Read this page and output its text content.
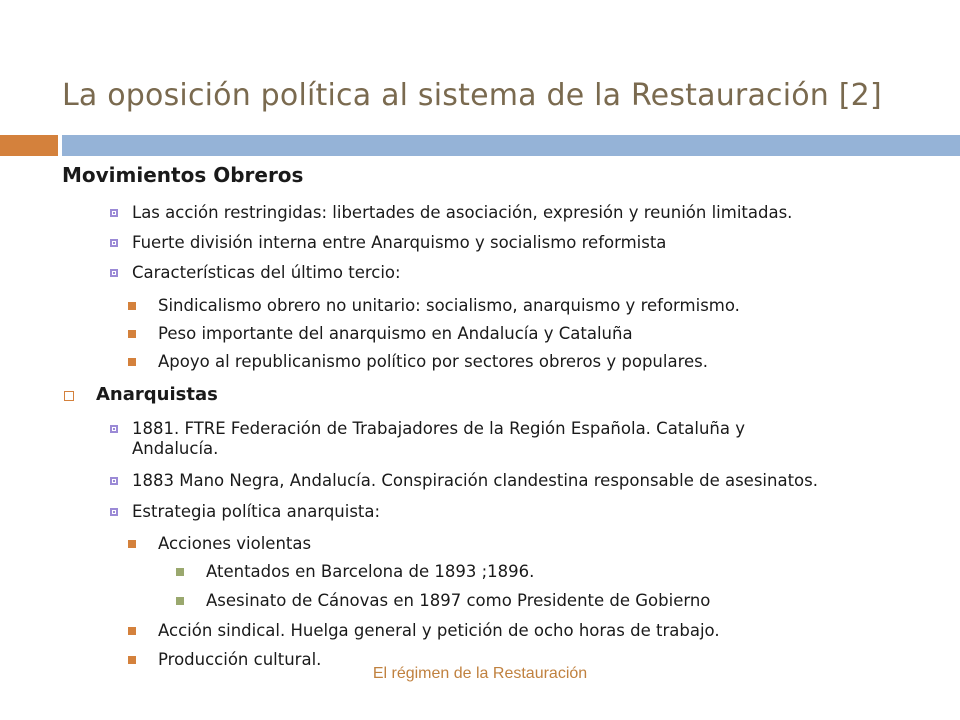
La oposición política al sistema de la Restauración [2]
Movimientos Obreros
Las acción restringidas: libertades de asociación, expresión y reunión limitadas.
Fuerte división interna entre Anarquismo y socialismo reformista
Características del último tercio:
Sindicalismo obrero no unitario: socialismo, anarquismo y reformismo.
Peso importante del anarquismo en Andalucía y Cataluña
Apoyo al republicanismo político por sectores obreros y populares.
Anarquistas
1881. FTRE Federación de Trabajadores de la Región Española. Cataluña y
Andalucía.
1883 Mano Negra, Andalucía. Conspiración clandestina responsable de asesinatos.
Estrategia política anarquista:
Acciones violentas
Atentados en Barcelona de 1893 ;1896.
Asesinato de Cánovas en 1897 como Presidente de Gobierno
Acción sindical. Huelga general y petición de ocho horas de trabajo.
Producción cultural.
El régimen de la Restauración
